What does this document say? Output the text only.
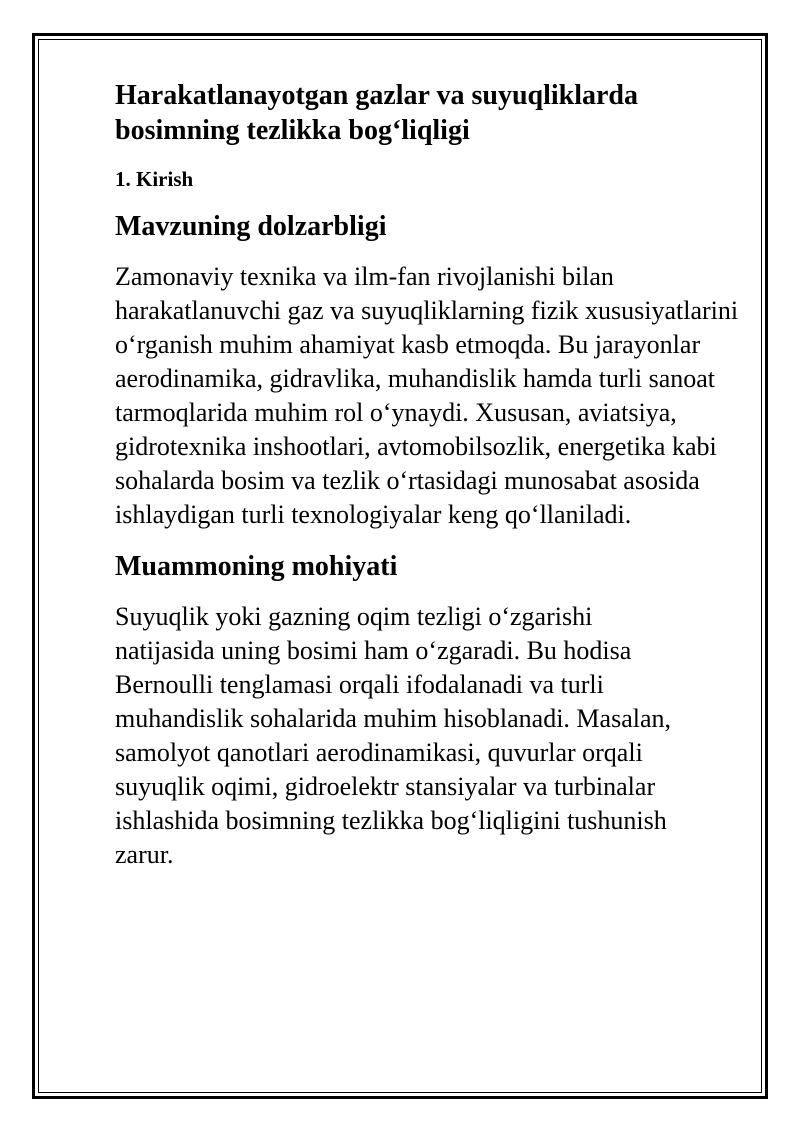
Harakatlanayotgan gazlar va suyuqliklarda bosimning tezlikka bog‘liqligi
1. Kirish
Mavzuning dolzarbligi

Zamonaviy texnika va ilm-fan rivojlanishi bilan harakatlanuvchi gaz va suyuqliklarning fizik xususiyatlarini o‘rganish muhim ahamiyat kasb etmoqda. Bu jarayonlar aerodinamika, gidravlika, muhandislik hamda turli sanoat tarmoqlarida muhim rol o‘ynaydi. Xususan, aviatsiya, gidrotexnika inshootlari, avtomobilsozlik, energetika kabi sohalarda bosim va tezlik o‘rtasidagi munosabat asosida ishlaydigan turli texnologiyalar keng qo‘llaniladi.

Muammoning mohiyati

Suyuqlik yoki gazning oqim tezligi o‘zgarishi natijasida uning bosimi ham o‘zgaradi. Bu hodisa Bernoulli tenglamasi orqali ifodalanadi va turli muhandislik sohalarida muhim hisoblanadi. Masalan, samolyot qanotlari aerodinamikasi, quvurlar orqali suyuqlik oqimi, gidroelektr stansiyalar va turbinalar ishlashida bosimning tezlikka bog‘liqligini tushunish zarur.
